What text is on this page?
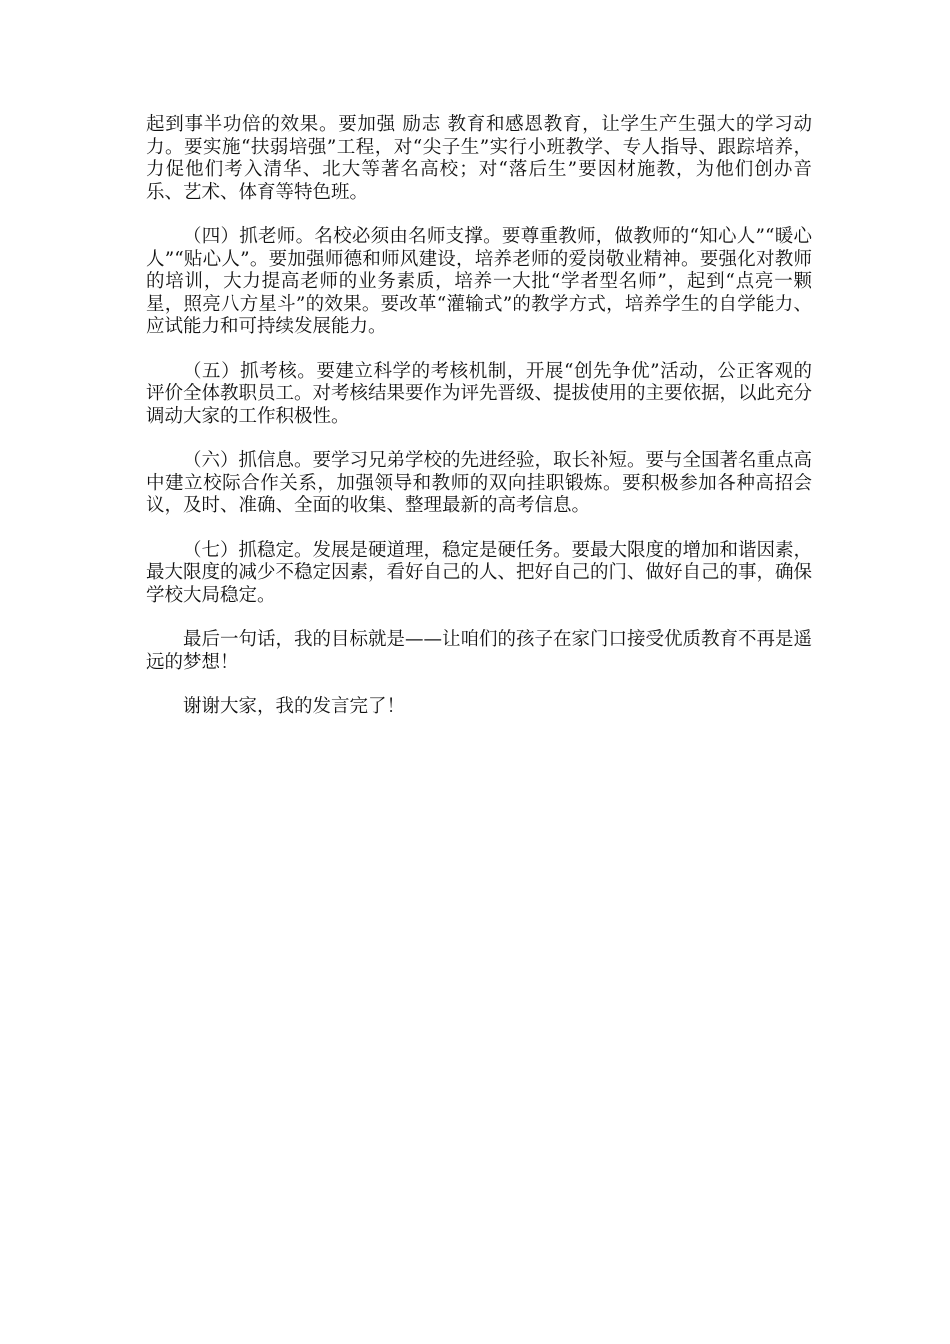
起到事半功倍的效果。要加强 励志 教育和感恩教育，让学生产生强大的学习动力。要实施“扶弱培强”工程，对“尖子生”实行小班教学、专人指导、跟踪培养，力促他们考入清华、北大等著名高校；对“落后生”要因材施教，为他们创办音乐、艺术、体育等特色班。

（四）抓老师。名校必须由名师支撑。要尊重教师，做教师的“知心人”“暖心人”“贴心人”。要加强师德和师风建设，培养老师的爱岗敬业精神。要强化对教师的培训，大力提高老师的业务素质，培养一大批“学者型名师”，起到“点亮一颗星，照亮八方星斗”的效果。要改革“灌输式”的教学方式，培养学生的自学能力、应试能力和可持续发展能力。

（五）抓考核。要建立科学的考核机制，开展“创先争优”活动，公正客观的评价全体教职员工。对考核结果要作为评先晋级、提拔使用的主要依据，以此充分调动大家的工作积极性。

（六）抓信息。要学习兄弟学校的先进经验，取长补短。要与全国著名重点高中建立校际合作关系，加强领导和教师的双向挂职锻炼。要积极参加各种高招会议，及时、准确、全面的收集、整理最新的高考信息。

（七）抓稳定。发展是硬道理，稳定是硬任务。要最大限度的增加和谐因素，最大限度的减少不稳定因素，看好自己的人、把好自己的门、做好自己的事，确保学校大局稳定。

最后一句话，我的目标就是——让咱们的孩子在家门口接受优质教育不再是遥远的梦想！

谢谢大家，我的发言完了！
